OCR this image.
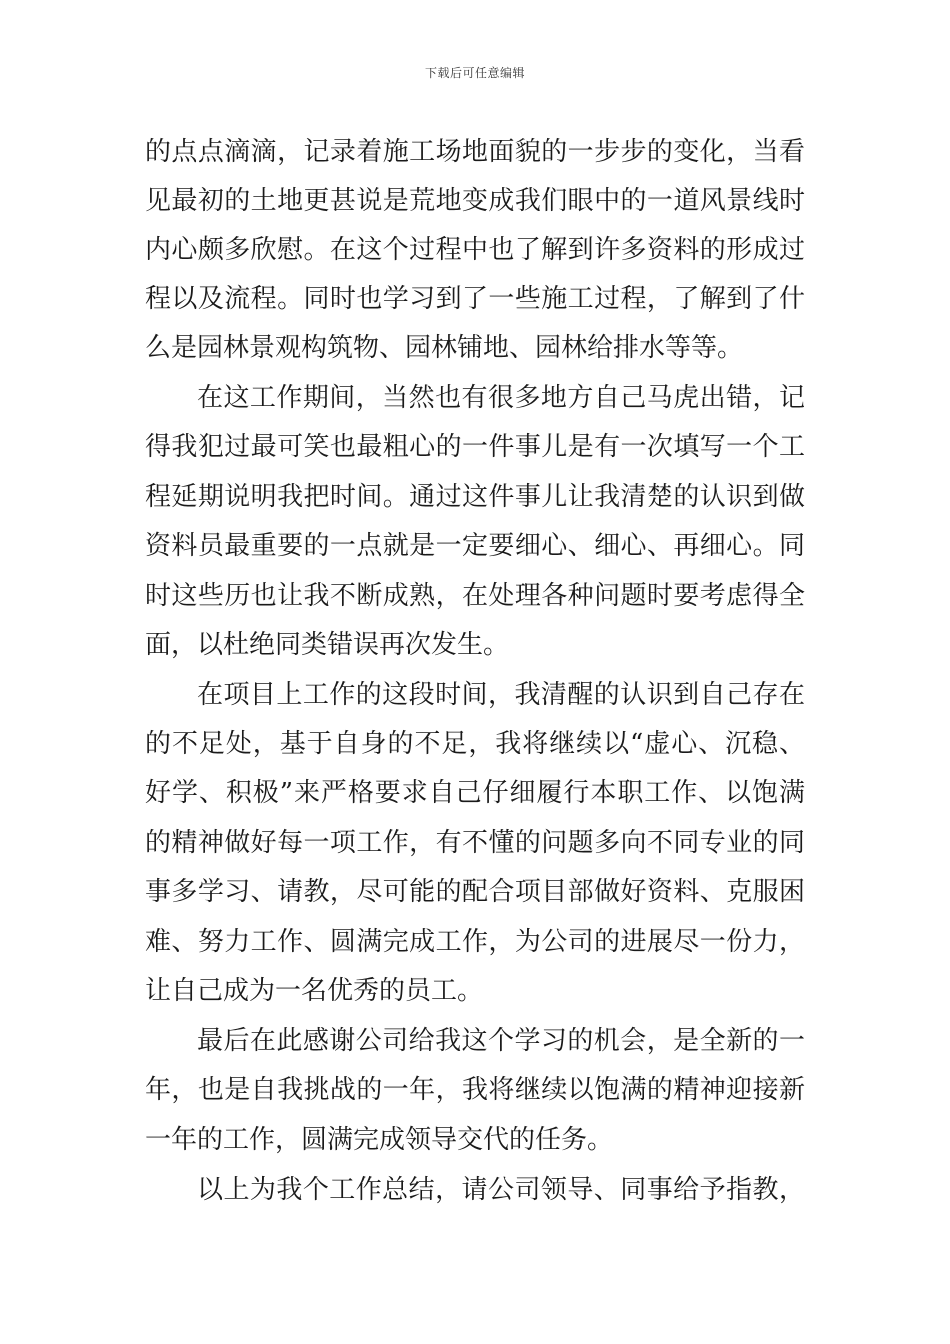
下载后可任意编辑
的点点滴滴，记录着施工场地面貌的一步步的变化，当看
见最初的土地更甚说是荒地变成我们眼中的一道风景线时
内心颇多欣慰。在这个过程中也了解到许多资料的形成过
程以及流程。同时也学习到了一些施工过程，了解到了什
么是园林景观构筑物、园林铺地、园林给排水等等。
在这工作期间，当然也有很多地方自己马虎出错，记
得我犯过最可笑也最粗心的一件事儿是有一次填写一个工
程延期说明我把时间。通过这件事儿让我清楚的认识到做
资料员最重要的一点就是一定要细心、细心、再细心。同
时这些历也让我不断成熟，在处理各种问题时要考虑得全
面，以杜绝同类错误再次发生。
在项目上工作的这段时间，我清醒的认识到自己存在
的不足处，基于自身的不足，我将继续以“虚心、沉稳、
好学、积极”来严格要求自己仔细履行本职工作、以饱满
的精神做好每一项工作，有不懂的问题多向不同专业的同
事多学习、请教，尽可能的配合项目部做好资料、克服困
难、努力工作、圆满完成工作，为公司的进展尽一份力，
让自己成为一名优秀的员工。
最后在此感谢公司给我这个学习的机会，是全新的一
年，也是自我挑战的一年，我将继续以饱满的精神迎接新
一年的工作，圆满完成领导交代的任务。
以上为我个工作总结，请公司领导、同事给予指教，
